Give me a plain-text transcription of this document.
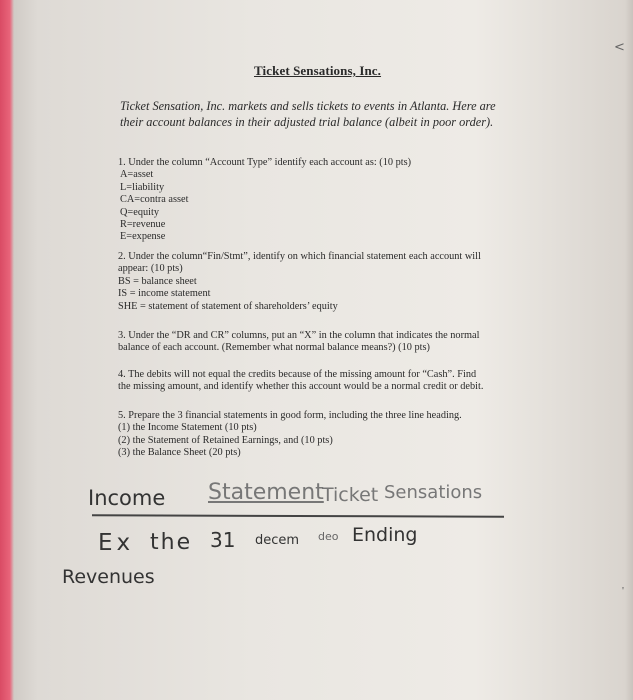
<
Ticket Sensations, Inc.
Ticket Sensation, Inc. markets and sells tickets to events in Atlanta. Here are their account balances in their adjusted trial balance (albeit in poor order).
1. Under the column “Account Type” identify each account as: (10 pts)
A=asset
L=liability
CA=contra asset
Q=equity
R=revenue
E=expense
2. Under the column“Fin/Stmt”, identify on which financial statement each account will
appear: (10 pts)
BS = balance sheet
IS = income statement
SHE = statement of statement of shareholders’ equity
3. Under the “DR and CR” columns, put an “X” in the column that indicates the normal
balance of each account. (Remember what normal balance means?) (10 pts)
4. The debits will not equal the credits because of the missing amount for “Cash”. Find
the missing amount, and identify whether this account would be a normal credit or debit.
5. Prepare the 3 financial statements in good form, including the three line heading.
(1) the Income Statement (10 pts)
(2) the Statement of Retained Earnings, and (10 pts)
(3) the Balance Sheet (20 pts)
Income Statement
Ticket Sensations
Ex the 31 decem deo Ending
Revenues
'
